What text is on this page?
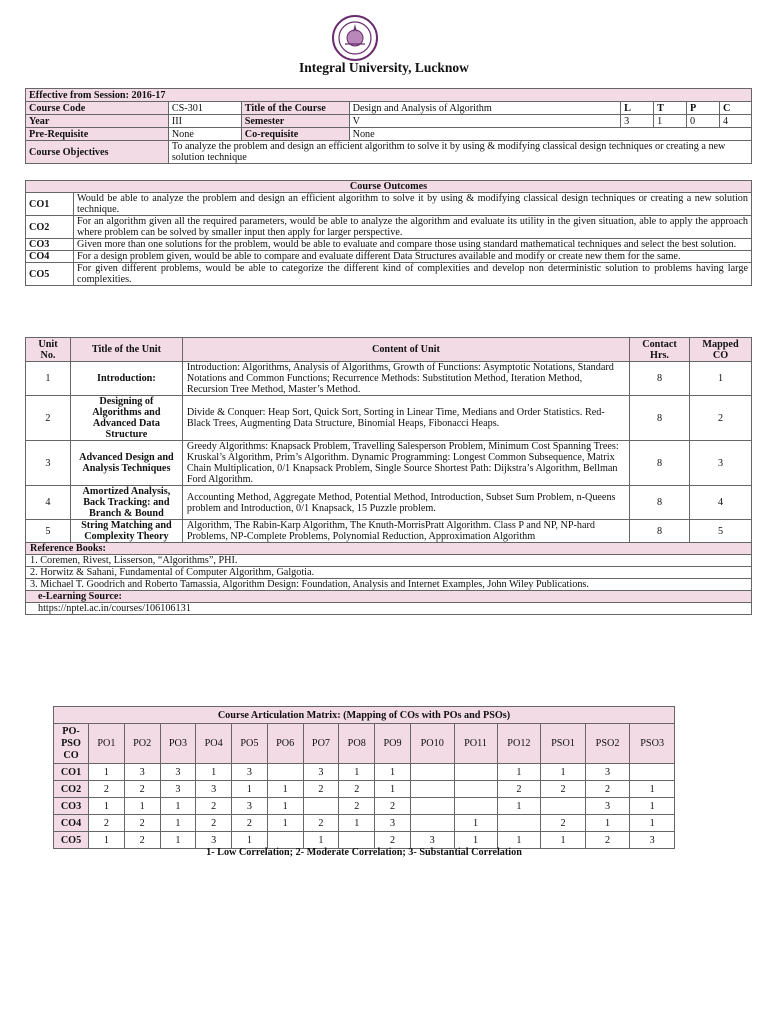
Integral University, Lucknow
Effective from Session: 2016-17							
Course Code	CS-301	Title of the Course	Design and Analysis of Algorithm	L	T	P	C
Year	III	Semester	V	3	1	0	4
Pre-Requisite	None	Co-requisite	None				
Course Objectives	To analyze the problem and design an efficient algorithm to solve it by using & modifying classical design techniques or creating a new solution technique						
Course Outcomes	
CO1	Would be able to analyze the problem and design an efficient algorithm to solve it by using & modifying classical design techniques or creating a new solution technique.
CO2	For an algorithm given all the required parameters, would be able to analyze the algorithm and evaluate its utility in the given situation, able to apply the approach where problem can be solved by smaller input then apply for larger perspective.
CO3	Given more than one solutions for the problem, would be able to evaluate and compare those using standard mathematical techniques and select the best solution.
CO4	For a design problem given, would be able to compare and evaluate different Data Structures available and modify or create new them for the same.
CO5	For given different problems, would be able to categorize the different kind of complexities and develop non deterministic solution to problems having large complexities.
Unit No.	Title of the Unit	Content of Unit	Contact Hrs.	Mapped CO
1	Introduction:	Introduction: Algorithms, Analysis of Algorithms, Growth of Functions: Asymptotic Notations, Standard Notations and Common Functions; Recurrence Methods: Substitution Method, Iteration Method, Recursion Tree Method, Master’s Method.	8	1
2	Designing of Algorithms and Advanced Data Structure	Divide & Conquer: Heap Sort, Quick Sort, Sorting in Linear Time, Medians and Order Statistics. Red-Black Trees, Augmenting Data Structure, Binomial Heaps, Fibonacci Heaps.	8	2
3	Advanced Design and Analysis Techniques	Greedy Algorithms: Knapsack Problem, Travelling Salesperson Problem, Minimum Cost Spanning Trees: Kruskal’s Algorithm, Prim’s Algorithm. Dynamic Programming: Longest Common Subsequence, Matrix Chain Multiplication, 0/1 Knapsack Problem, Single Source Shortest Path: Dijkstra’s Algorithm, Bellman Ford Algorithm.	8	3
4	Amortized Analysis, Back Tracking: and Branch & Bound	Accounting Method, Aggregate Method, Potential Method, Introduction, Subset Sum Problem, n-Queens problem and Introduction, 0/1 Knapsack, 15 Puzzle problem.	8	4
5	String Matching and Complexity Theory	Algorithm, The Rabin-Karp Algorithm, The Knuth-MorrisPratt Algorithm. Class P and NP, NP-hard Problems, NP-Complete Problems, Polynomial Reduction, Approximation Algorithm	8	5
Reference Books:				
1. Coremen, Rivest, Lisserson, “Algorithms”, PHI.				
2. Horwitz & Sahani, Fundamental of Computer Algorithm, Galgotia.				
3. Michael T. Goodrich and Roberto Tamassia, Algorithm Design: Foundation, Analysis and Internet Examples, John Wiley Publications.				
e-Learning Source:				
https://nptel.ac.in/courses/106106131				
Course Articulation Matrix: (Mapping of COs with POs and PSOs)															
PO-
PSO
CO	PO1	PO2	PO3	PO4	PO5	PO6	PO7	PO8	PO9	PO10	PO11	PO12	PSO1	PSO2	PSO3
CO1	1	3	3	1	3		3	1	1			1	1	3	
CO2	2	2	3	3	1	1	2	2	1			2	2	2	1
CO3	1	1	1	2	3	1		2	2			1		3	1
CO4	2	2	1	2	2	1	2	1	3		1		2	1	1
CO5	1	2	1	3	1		1		2	3	1	1	1	2	3
1- Low Correlation; 2- Moderate Correlation; 3- Substantial Correlation
